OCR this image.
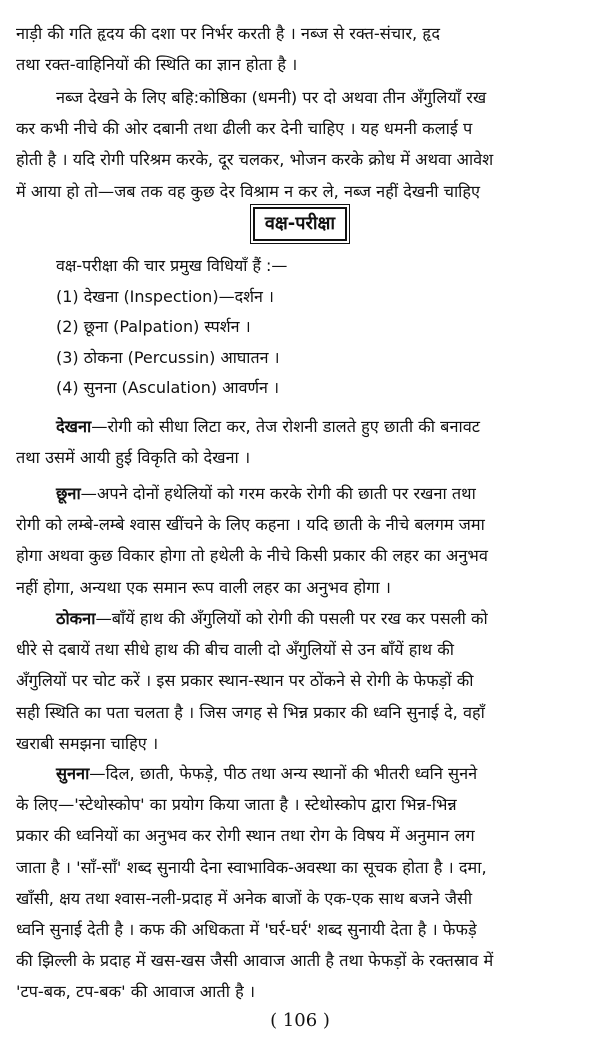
नाड़ी की गति हृदय की दशा पर निर्भर करती है । नब्ज से रक्त-संचार, हृद
तथा रक्त-वाहिनियों की स्थिति का ज्ञान होता है ।
नब्ज देखने के लिए बहि:कोष्ठिका (धमनी) पर दो अथवा तीन अँगुलियाँ रख
कर कभी नीचे की ओर दबानी तथा ढीली कर देनी चाहिए । यह धमनी कलाई प
होती है । यदि रोगी परिश्रम करके, दूर चलकर, भोजन करके क्रोध में अथवा आवेश
में आया हो तो—जब तक वह कुछ देर विश्राम न कर ले, नब्ज नहीं देखनी चाहिए
वक्ष-परीक्षा
वक्ष-परीक्षा की चार प्रमुख विधियाँ हैं :—
(1) देखना (Inspection)—दर्शन ।
(2) छूना (Palpation) स्पर्शन ।
(3) ठोकना (Percussin) आघातन ।
(4) सुनना (Asculation) आवर्णन ।
देखना—रोगी को सीधा लिटा कर, तेज रोशनी डालते हुए छाती की बनावट
तथा उसमें आयी हुई विकृति को देखना ।
छूना—अपने दोनों हथेलियों को गरम करके रोगी की छाती पर रखना तथा
रोगी को लम्बे-लम्बे श्वास खींचने के लिए कहना । यदि छाती के नीचे बलगम जमा
होगा अथवा कुछ विकार होगा तो हथेली के नीचे किसी प्रकार की लहर का अनुभव
नहीं होगा, अन्यथा एक समान रूप वाली लहर का अनुभव होगा ।
ठोकना—बाँयें हाथ की अँगुलियों को रोगी की पसली पर रख कर पसली को
धीरे से दबायें तथा सीधे हाथ की बीच वाली दो अँगुलियों से उन बाँयें हाथ की
अँगुलियों पर चोट करें । इस प्रकार स्थान-स्थान पर ठोंकने से रोगी के फेफड़ों की
सही स्थिति का पता चलता है । जिस जगह से भिन्न प्रकार की ध्वनि सुनाई दे, वहाँ
खराबी समझना चाहिए ।
सुनना—दिल, छाती, फेफड़े, पीठ तथा अन्य स्थानों की भीतरी ध्वनि सुनने
के लिए—'स्टेथोस्कोप' का प्रयोग किया जाता है । स्टेथोस्कोप द्वारा भिन्न-भिन्न
प्रकार की ध्वनियों का अनुभव कर रोगी स्थान तथा रोग के विषय में अनुमान लग
जाता है । 'साँ-साँ' शब्द सुनायी देना स्वाभाविक-अवस्था का सूचक होता है । दमा,
खाँसी, क्षय तथा श्वास-नली-प्रदाह में अनेक बाजों के एक-एक साथ बजने जैसी
ध्वनि सुनाई देती है । कफ की अधिकता में 'घर्र-घर्र' शब्द सुनायी देता है । फेफड़े
की झिल्ली के प्रदाह में खस-खस जैसी आवाज आती है तथा फेफड़ों के रक्तस्राव में
'टप-बक, टप-बक' की आवाज आती है ।
( 106 )
